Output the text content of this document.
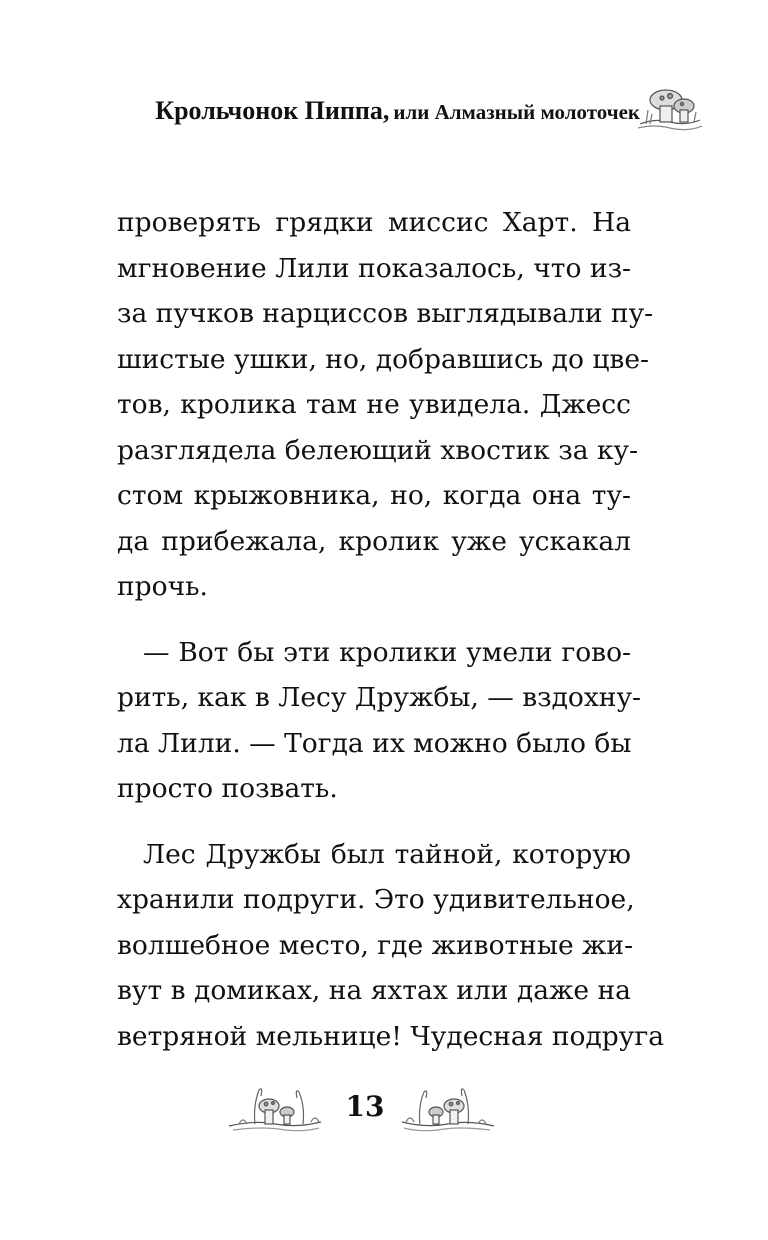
Крольчонок Пиппа, или Алмазный молоточек
проверять грядки миссис Харт. На
мгновение Лили показалось, что из-
за пучков нарциссов выглядывали пу-
шистые ушки, но, добравшись до цве-
тов, кролика там не увидела. Джесс
разглядела белеющий хвостик за ку-
стом крыжовника, но, когда она ту-
да прибежала, кролик уже ускакал
прочь.
— Вот бы эти кролики умели гово-
рить, как в Лесу Дружбы, — вздохну-
ла Лили. — Тогда их можно было бы
просто позвать.
Лес Дружбы был тайной, которую
хранили подруги. Это удивительное,
волшебное место, где животные жи-
вут в домиках, на яхтах или даже на
ветряной мельнице! Чудесная подруга
13
